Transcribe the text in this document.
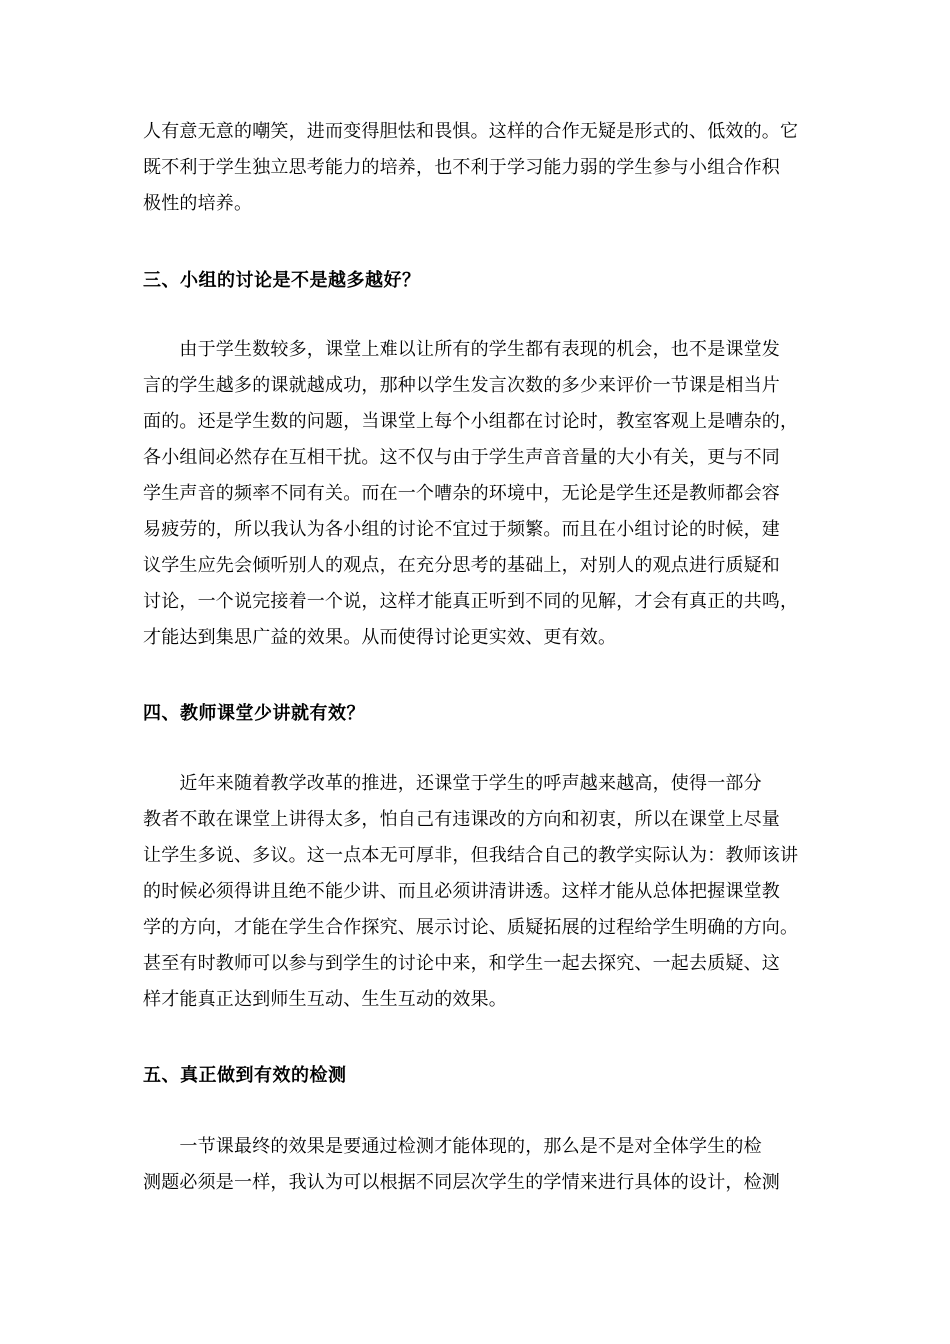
人有意无意的嘲笑，进而变得胆怯和畏惧。这样的合作无疑是形式的、低效的。它
既不利于学生独立思考能力的培养，也不利于学习能力弱的学生参与小组合作积
极性的培养。
三、小组的讨论是不是越多越好？
　　由于学生数较多，课堂上难以让所有的学生都有表现的机会，也不是课堂发
言的学生越多的课就越成功，那种以学生发言次数的多少来评价一节课是相当片
面的。还是学生数的问题，当课堂上每个小组都在讨论时，教室客观上是嘈杂的，
各小组间必然存在互相干扰。这不仅与由于学生声音音量的大小有关，更与不同
学生声音的频率不同有关。而在一个嘈杂的环境中，无论是学生还是教师都会容
易疲劳的，所以我认为各小组的讨论不宜过于频繁。而且在小组讨论的时候，建
议学生应先会倾听别人的观点，在充分思考的基础上，对别人的观点进行质疑和
讨论，一个说完接着一个说，这样才能真正听到不同的见解，才会有真正的共鸣，
才能达到集思广益的效果。从而使得讨论更实效、更有效。
四、教师课堂少讲就有效？
　　近年来随着教学改革的推进，还课堂于学生的呼声越来越高，使得一部分
教者不敢在课堂上讲得太多，怕自己有违课改的方向和初衷，所以在课堂上尽量
让学生多说、多议。这一点本无可厚非，但我结合自己的教学实际认为：教师该讲
的时候必须得讲且绝不能少讲、而且必须讲清讲透。这样才能从总体把握课堂教
学的方向，才能在学生合作探究、展示讨论、质疑拓展的过程给学生明确的方向。
甚至有时教师可以参与到学生的讨论中来，和学生一起去探究、一起去质疑、这
样才能真正达到师生互动、生生互动的效果。
五、真正做到有效的检测
　　一节课最终的效果是要通过检测才能体现的，那么是不是对全体学生的检
测题必须是一样，我认为可以根据不同层次学生的学情来进行具体的设计，检测
